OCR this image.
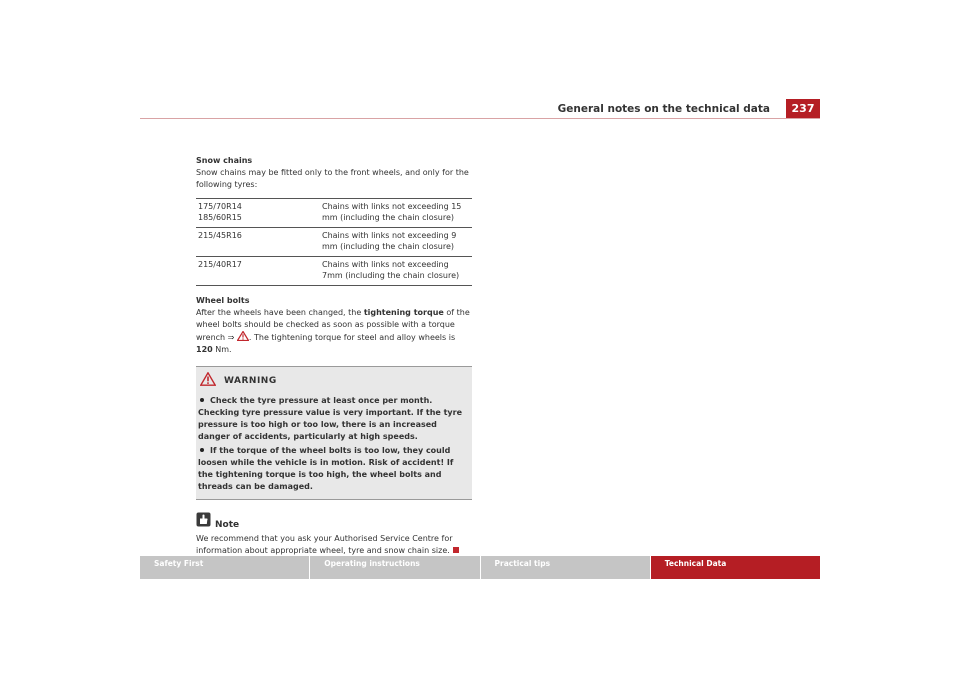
General notes on the technical data	237

Snow chains

Snow chains may be fitted only to the front wheels, and only for the following tyres:

175/70R14
185/60R15	Chains with links not exceeding 15 mm (including the chain closure)
215/45R16	Chains with links not exceeding 9 mm (including the chain closure)
215/40R17	Chains with links not exceeding 7mm (including the chain closure)

Wheel bolts

After the wheels have been changed, the tightening torque of the wheel bolts should be checked as soon as possible with a torque wrench ⇒ . The tightening torque for steel and alloy wheels is 120 Nm.

WARNING
Check the tyre pressure at least once per month. Checking tyre pressure value is very important. If the tyre pressure is too high or too low, there is an increased danger of accidents, particularly at high speeds.
If the torque of the wheel bolts is too low, they could loosen while the vehicle is in motion. Risk of accident! If the tightening torque is too high, the wheel bolts and threads can be damaged.
Note

We recommend that you ask your Authorised Service Centre for information about appropriate wheel, tyre and snow chain size.

Safety First	Operating instructions	Practical tips	Technical Data
